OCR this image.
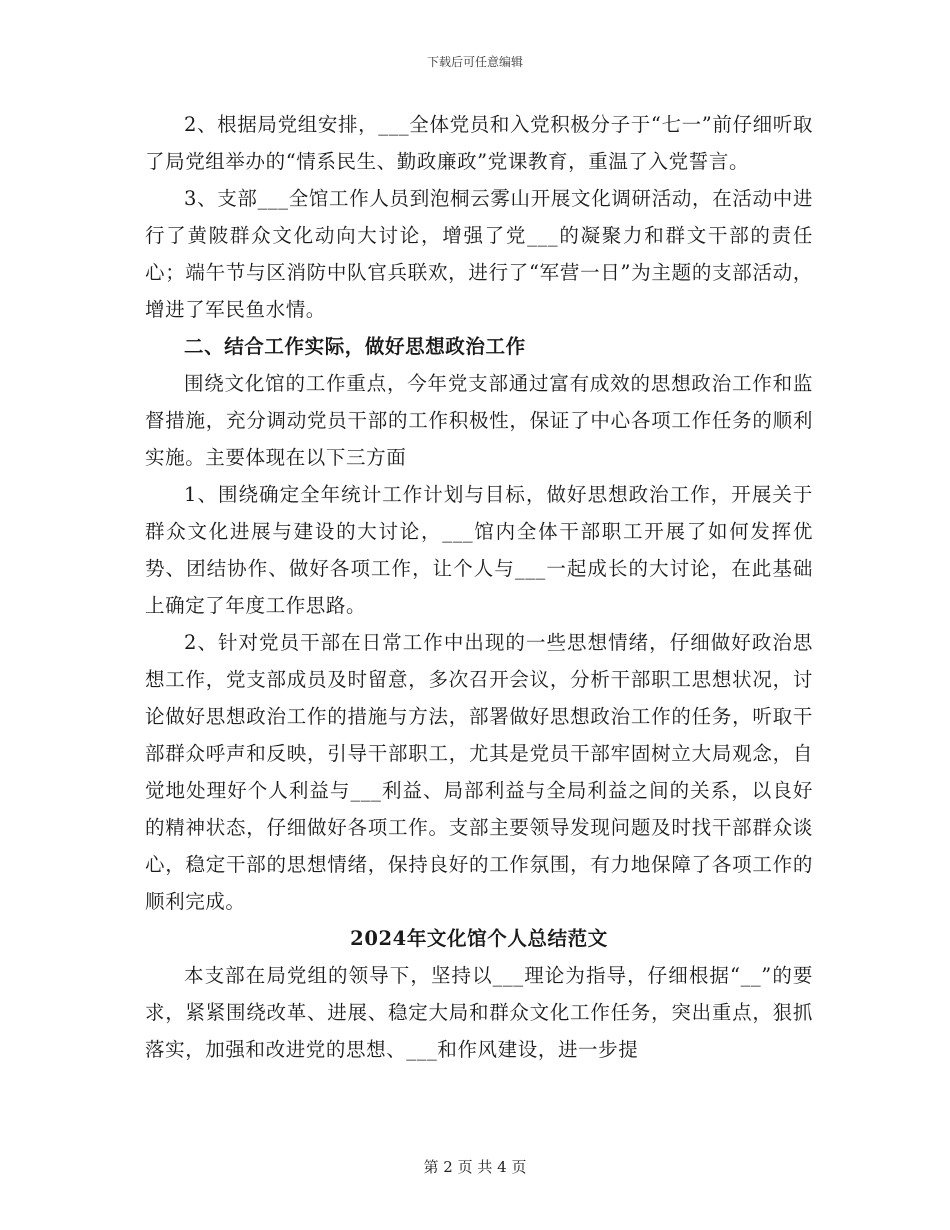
下载后可任意编辑

2、根据局党组安排，___全体党员和入党积极分子于“七一”前仔细听取了局党组举办的“情系民生、勤政廉政”党课教育，重温了入党誓言。

3、支部___全馆工作人员到泡桐云雾山开展文化调研活动，在活动中进行了黄陂群众文化动向大讨论，增强了党___的凝聚力和群文干部的责任心；端午节与区消防中队官兵联欢，进行了“军营一日”为主题的支部活动，增进了军民鱼水情。

二、结合工作实际，做好思想政治工作

围绕文化馆的工作重点，今年党支部通过富有成效的思想政治工作和监督措施，充分调动党员干部的工作积极性，保证了中心各项工作任务的顺利实施。主要体现在以下三方面

1、围绕确定全年统计工作计划与目标，做好思想政治工作，开展关于群众文化进展与建设的大讨论，___馆内全体干部职工开展了如何发挥优势、团结协作、做好各项工作，让个人与___一起成长的大讨论，在此基础上确定了年度工作思路。

2、针对党员干部在日常工作中出现的一些思想情绪，仔细做好政治思想工作，党支部成员及时留意，多次召开会议，分析干部职工思想状况，讨论做好思想政治工作的措施与方法，部署做好思想政治工作的任务，听取干部群众呼声和反映，引导干部职工，尤其是党员干部牢固树立大局观念，自觉地处理好个人利益与___利益、局部利益与全局利益之间的关系，以良好的精神状态，仔细做好各项工作。支部主要领导发现问题及时找干部群众谈心，稳定干部的思想情绪，保持良好的工作氛围，有力地保障了各项工作的顺利完成。

2024年文化馆个人总结范文

本支部在局党组的领导下，坚持以___理论为指导，仔细根据“__”的要求，紧紧围绕改革、进展、稳定大局和群众文化工作任务，突出重点，狠抓落实，加强和改进党的思想、___和作风建设，进一步提

第 2 页 共 4 页
